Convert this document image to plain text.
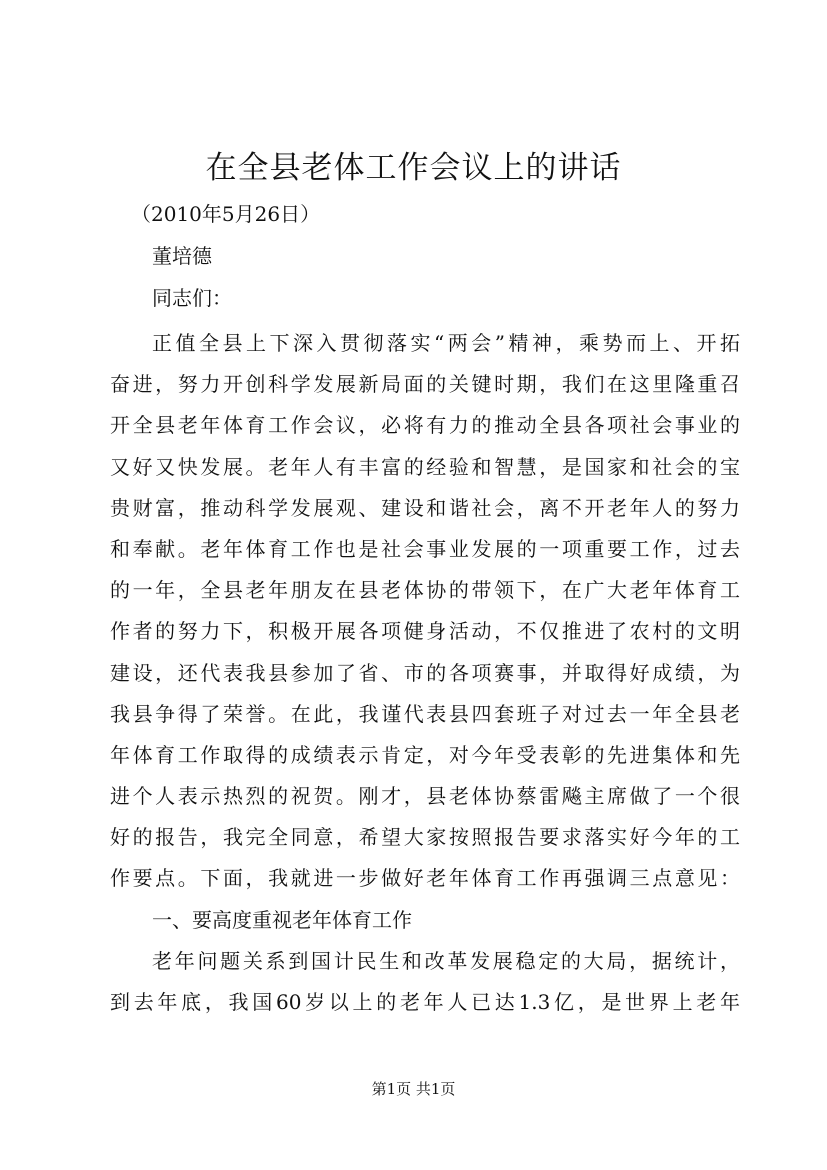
在全县老体工作会议上的讲话
（2010年5月26日）
董培德
同志们：
正值全县上下深入贯彻落实“两会”精神，乘势而上、开拓
奋进，努力开创科学发展新局面的关键时期，我们在这里隆重召
开全县老年体育工作会议，必将有力的推动全县各项社会事业的
又好又快发展。老年人有丰富的经验和智慧，是国家和社会的宝
贵财富，推动科学发展观、建设和谐社会，离不开老年人的努力
和奉献。老年体育工作也是社会事业发展的一项重要工作，过去
的一年，全县老年朋友在县老体协的带领下，在广大老年体育工
作者的努力下，积极开展各项健身活动，不仅推进了农村的文明
建设，还代表我县参加了省、市的各项赛事，并取得好成绩，为
我县争得了荣誉。在此，我谨代表县四套班子对过去一年全县老
年体育工作取得的成绩表示肯定，对今年受表彰的先进集体和先
进个人表示热烈的祝贺。刚才，县老体协蔡雷飚主席做了一个很
好的报告，我完全同意，希望大家按照报告要求落实好今年的工
作要点。下面，我就进一步做好老年体育工作再强调三点意见：
一、要高度重视老年体育工作
老年问题关系到国计民生和改革发展稳定的大局，据统计，
到去年底，我国60岁以上的老年人已达1.3亿，是世界上老年
第1页 共1页
